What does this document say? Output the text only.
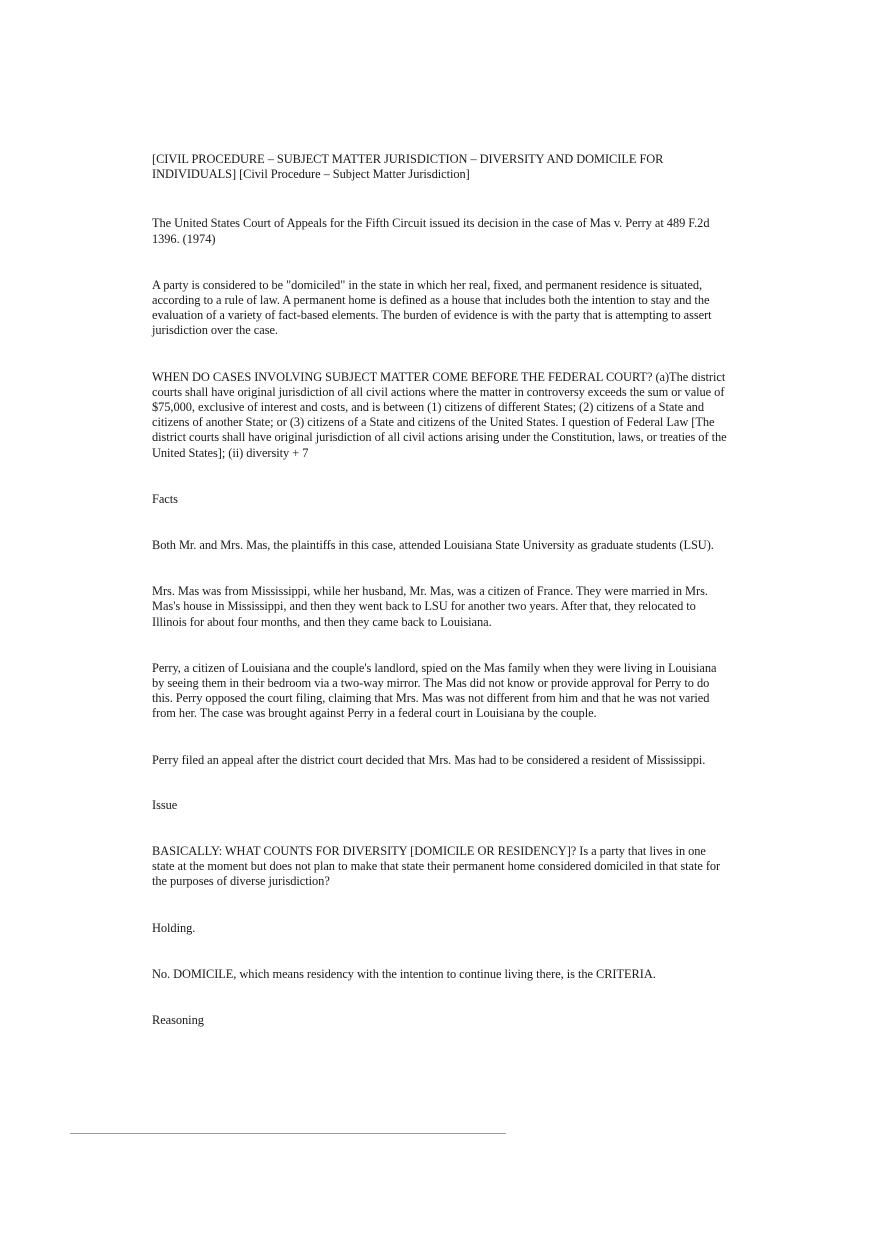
[CIVIL PROCEDURE – SUBJECT MATTER JURISDICTION – DIVERSITY AND DOMICILE FOR INDIVIDUALS] [Civil Procedure – Subject Matter Jurisdiction]

The United States Court of Appeals for the Fifth Circuit issued its decision in the case of Mas v. Perry at 489 F.2d 1396. (1974)

A party is considered to be "domiciled" in the state in which her real, fixed, and permanent residence is situated, according to a rule of law. A permanent home is defined as a house that includes both the intention to stay and the evaluation of a variety of fact-based elements. The burden of evidence is with the party that is attempting to assert jurisdiction over the case.

WHEN DO CASES INVOLVING SUBJECT MATTER COME BEFORE THE FEDERAL COURT? (a)The district courts shall have original jurisdiction of all civil actions where the matter in controversy exceeds the sum or value of $75,000, exclusive of interest and costs, and is between (1) citizens of different States; (2) citizens of a State and citizens of another State; or (3) citizens of a State and citizens of the United States. I question of Federal Law [The district courts shall have original jurisdiction of all civil actions arising under the Constitution, laws, or treaties of the United States]; (ii) diversity + 7

Facts

Both Mr. and Mrs. Mas, the plaintiffs in this case, attended Louisiana State University as graduate students (LSU).

Mrs. Mas was from Mississippi, while her husband, Mr. Mas, was a citizen of France. They were married in Mrs. Mas's house in Mississippi, and then they went back to LSU for another two years. After that, they relocated to Illinois for about four months, and then they came back to Louisiana.

Perry, a citizen of Louisiana and the couple's landlord, spied on the Mas family when they were living in Louisiana by seeing them in their bedroom via a two-way mirror. The Mas did not know or provide approval for Perry to do this. Perry opposed the court filing, claiming that Mrs. Mas was not different from him and that he was not varied from her. The case was brought against Perry in a federal court in Louisiana by the couple.

Perry filed an appeal after the district court decided that Mrs. Mas had to be considered a resident of Mississippi.

Issue

BASICALLY: WHAT COUNTS FOR DIVERSITY [DOMICILE OR RESIDENCY]? Is a party that lives in one state at the moment but does not plan to make that state their permanent home considered domiciled in that state for the purposes of diverse jurisdiction?

Holding.

No. DOMICILE, which means residency with the intention to continue living there, is the CRITERIA.

Reasoning
